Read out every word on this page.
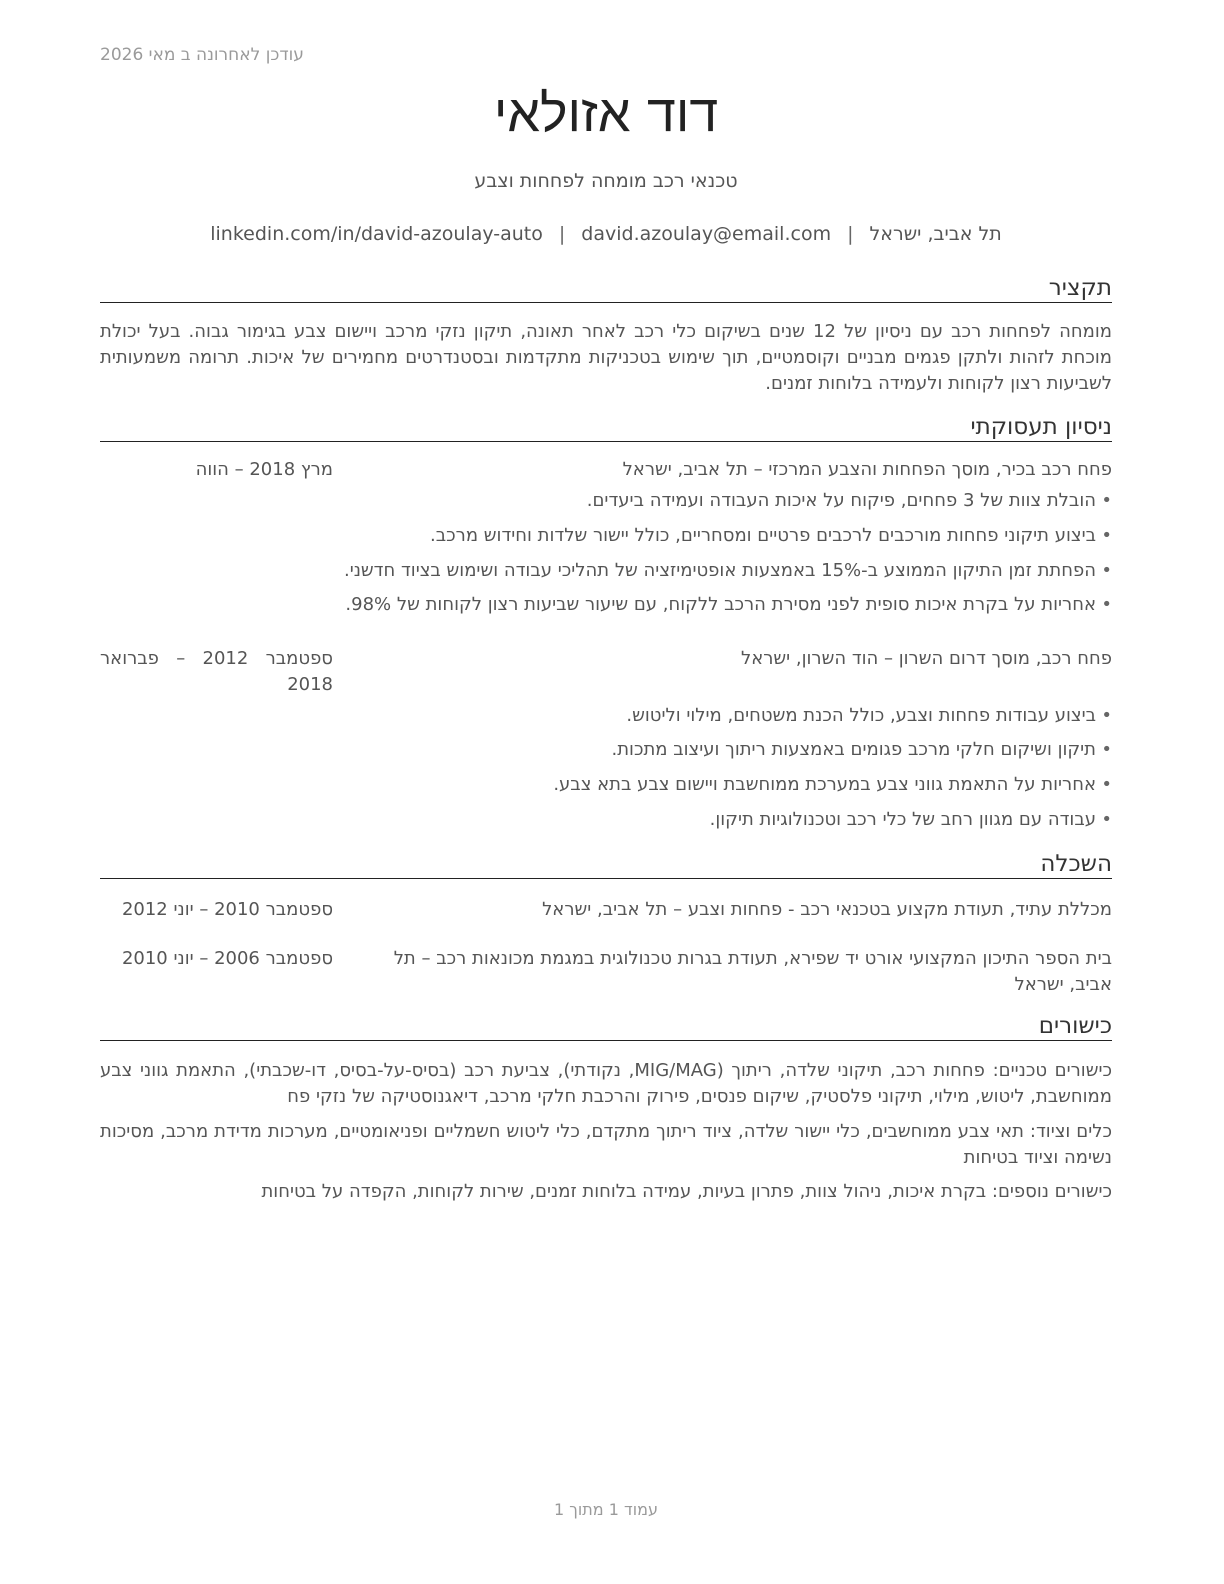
עודכן לאחרונה ב מאי 2026
דוד אזולאי
טכנאי רכב מומחה לפחחות וצבע
תל אביב, ישראל|david.azoulay@email.com|linkedin.com/in/david-azoulay-auto
תקציר
מומחה לפחחות רכב עם ניסיון של 12 שנים בשיקום כלי רכב לאחר תאונה, תיקון נזקי מרכב ויישום צבע בגימור גבוה. בעל יכולת מוכחת לזהות ולתקן פגמים מבניים וקוסמטיים, תוך שימוש בטכניקות מתקדמות ובסטנדרטים מחמירים של איכות. תרומה משמעותית לשביעות רצון לקוחות ולעמידה בלוחות זמנים.
ניסיון תעסוקתי
פחח רכב בכיר, מוסך הפחחות והצבע המרכזי – תל אביב, ישראל
מרץ 2018 – הווה
•הובלת צוות של 3 פחחים, פיקוח על איכות העבודה ועמידה ביעדים.
•ביצוע תיקוני פחחות מורכבים לרכבים פרטיים ומסחריים, כולל יישור שלדות וחידוש מרכב.
•הפחתת זמן התיקון הממוצע ב-15% באמצעות אופטימיזציה של תהליכי עבודה ושימוש בציוד חדשני.
•אחריות על בקרת איכות סופית לפני מסירת הרכב ללקוח, עם שיעור שביעות רצון לקוחות של 98%.
פחח רכב, מוסך דרום השרון – הוד השרון, ישראל
ספטמבר 2012 – פברואר 2018
•ביצוע עבודות פחחות וצבע, כולל הכנת משטחים, מילוי וליטוש.
•תיקון ושיקום חלקי מרכב פגומים באמצעות ריתוך ועיצוב מתכות.
•אחריות על התאמת גווני צבע במערכת ממוחשבת ויישום צבע בתא צבע.
•עבודה עם מגוון רחב של כלי רכב וטכנולוגיות תיקון.
השכלה
מכללת עתיד, תעודת מקצוע בטכנאי רכב - פחחות וצבע – תל אביב, ישראל
ספטמבר 2010 – יוני 2012
בית הספר התיכון המקצועי אורט יד שפירא, תעודת בגרות טכנולוגית במגמת מכונאות רכב – תל אביב, ישראל
ספטמבר 2006 – יוני 2010
כישורים
כישורים טכניים: פחחות רכב, תיקוני שלדה, ריתוך (MIG/MAG, נקודתי), צביעת רכב (בסיס-על-בסיס, דו-שכבתי), התאמת גווני צבע ממוחשבת, ליטוש, מילוי, תיקוני פלסטיק, שיקום פנסים, פירוק והרכבת חלקי מרכב, דיאגנוסטיקה של נזקי פח
כלים וציוד: תאי צבע ממוחשבים, כלי יישור שלדה, ציוד ריתוך מתקדם, כלי ליטוש חשמליים ופניאומטיים, מערכות מדידת מרכב, מסיכות נשימה וציוד בטיחות
כישורים נוספים: בקרת איכות, ניהול צוות, פתרון בעיות, עמידה בלוחות זמנים, שירות לקוחות, הקפדה על בטיחות
עמוד 1 מתוך 1
